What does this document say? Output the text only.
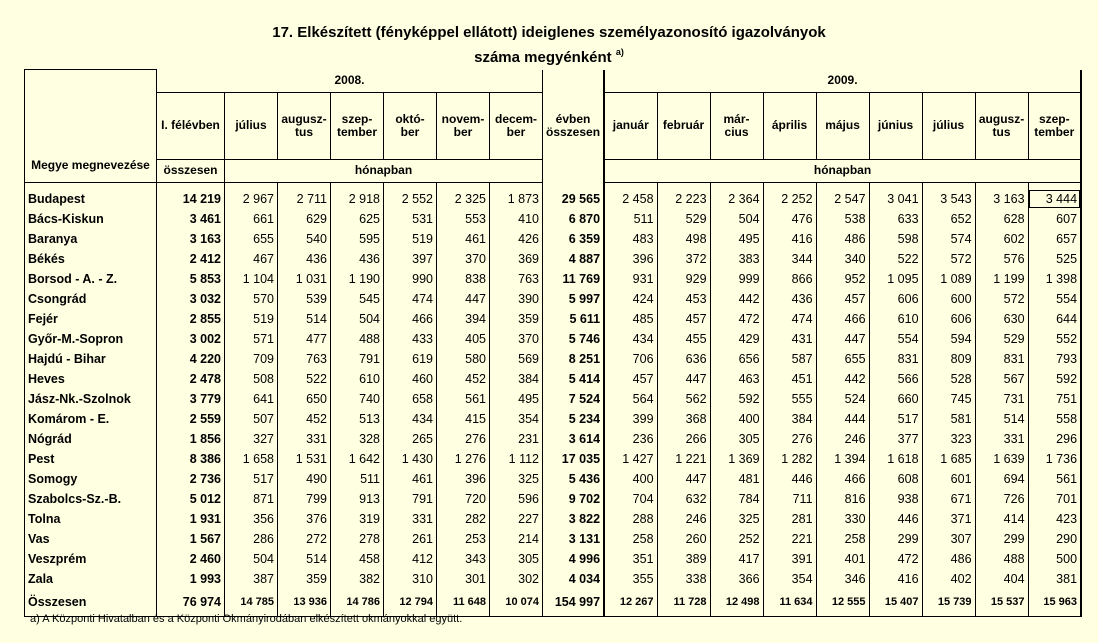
17. Elkészített (fényképpel ellátott) ideiglenes személyazonosító igazolványok
száma megyénként $^{a)}$
Megye megnevezése	2008.							évben összesen	2009.								
	I. félévben	július	augusz-tus	szep-tember	októ-ber	novem-ber	decem-ber		január	február	már-cius	április	május	június	július	augusz-tus	szep-tember
	összesen	hónapban							hónapban								

Budapest	14 219	2 967	2 711	2 918	2 552	2 325	1 873	29 565	2 458	2 223	2 364	2 252	2 547	3 041	3 543	3 163	3 444
Bács-Kiskun	3 461	661	629	625	531	553	410	6 870	511	529	504	476	538	633	652	628	607
Baranya	3 163	655	540	595	519	461	426	6 359	483	498	495	416	486	598	574	602	657
Békés	2 412	467	436	436	397	370	369	4 887	396	372	383	344	340	522	572	576	525
Borsod - A. - Z.	5 853	1 104	1 031	1 190	990	838	763	11 769	931	929	999	866	952	1 095	1 089	1 199	1 398
Csongrád	3 032	570	539	545	474	447	390	5 997	424	453	442	436	457	606	600	572	554
Fejér	2 855	519	514	504	466	394	359	5 611	485	457	472	474	466	610	606	630	644
Győr-M.-Sopron	3 002	571	477	488	433	405	370	5 746	434	455	429	431	447	554	594	529	552
Hajdú - Bihar	4 220	709	763	791	619	580	569	8 251	706	636	656	587	655	831	809	831	793
Heves	2 478	508	522	610	460	452	384	5 414	457	447	463	451	442	566	528	567	592
Jász-Nk.-Szolnok	3 779	641	650	740	658	561	495	7 524	564	562	592	555	524	660	745	731	751
Komárom - E.	2 559	507	452	513	434	415	354	5 234	399	368	400	384	444	517	581	514	558
Nógrád	1 856	327	331	328	265	276	231	3 614	236	266	305	276	246	377	323	331	296
Pest	8 386	1 658	1 531	1 642	1 430	1 276	1 112	17 035	1 427	1 221	1 369	1 282	1 394	1 618	1 685	1 639	1 736
Somogy	2 736	517	490	511	461	396	325	5 436	400	447	481	446	466	608	601	694	561
Szabolcs-Sz.-B.	5 012	871	799	913	791	720	596	9 702	704	632	784	711	816	938	671	726	701
Tolna	1 931	356	376	319	331	282	227	3 822	288	246	325	281	330	446	371	414	423
Vas	1 567	286	272	278	261	253	214	3 131	258	260	252	221	258	299	307	299	290
Veszprém	2 460	504	514	458	412	343	305	4 996	351	389	417	391	401	472	486	488	500
Zala	1 993	387	359	382	310	301	302	4 034	355	338	366	354	346	416	402	404	381
Összesen	76 974	14 785	13 936	14 786	12 794	11 648	10 074	154 997	12 267	11 728	12 498	11 634	12 555	15 407	15 739	15 537	15 963
a) A Központi Hivatalban és a Központi Okmányirodában elkészített okmányokkal együtt.
